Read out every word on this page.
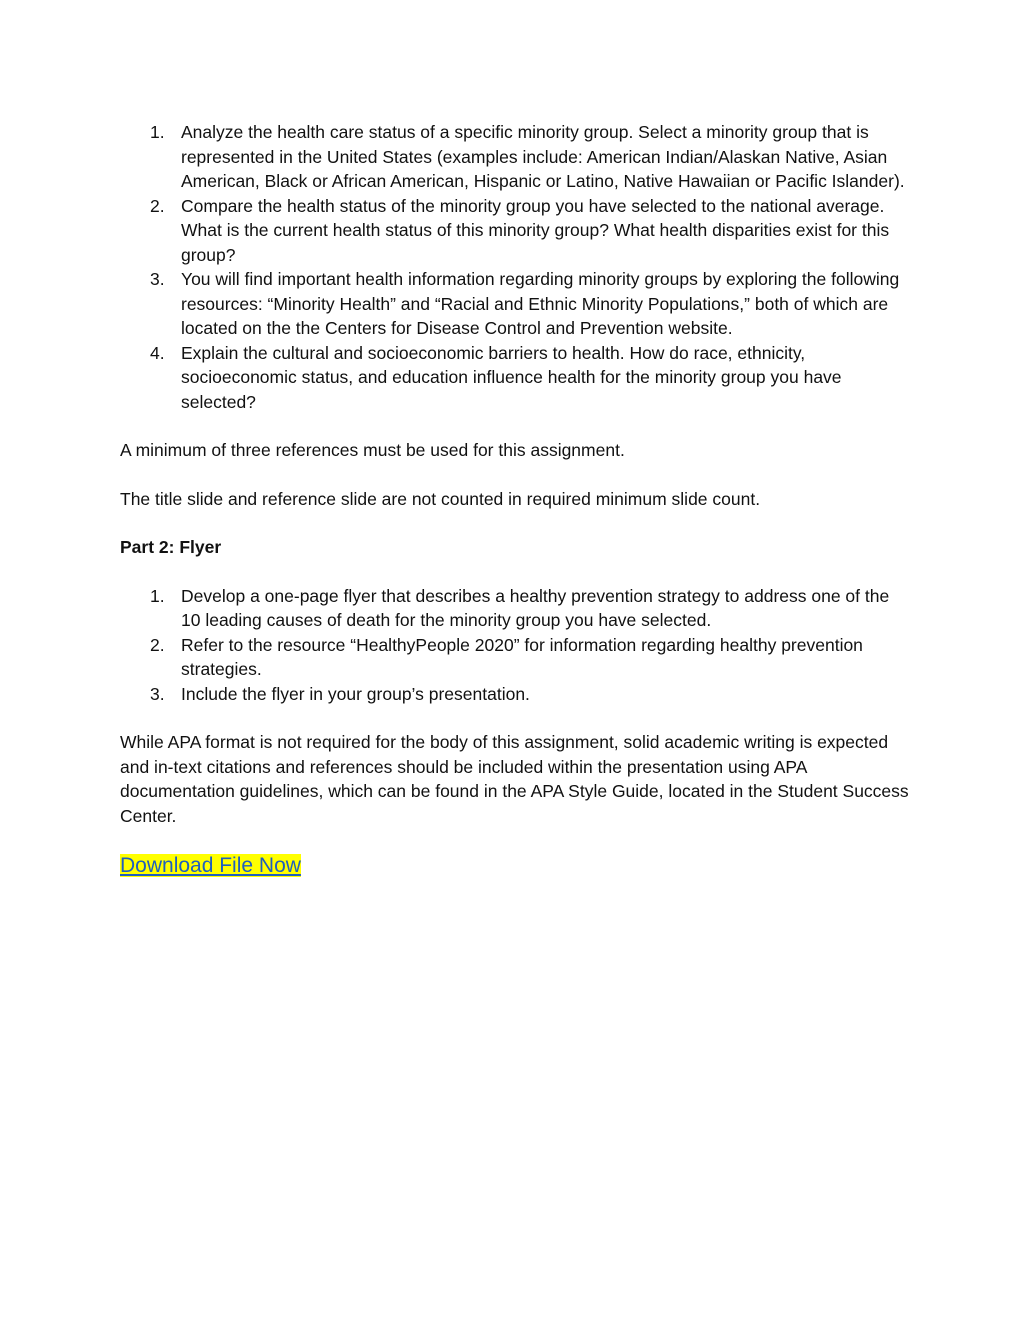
1. Analyze the health care status of a specific minority group. Select a minority group that is represented in the United States (examples include: American Indian/Alaskan Native, Asian American, Black or African American, Hispanic or Latino, Native Hawaiian or Pacific Islander).
2. Compare the health status of the minority group you have selected to the national average. What is the current health status of this minority group? What health disparities exist for this group?
3. You will find important health information regarding minority groups by exploring the following resources: “Minority Health” and “Racial and Ethnic Minority Populations,” both of which are located on the the Centers for Disease Control and Prevention website.
4. Explain the cultural and socioeconomic barriers to health. How do race, ethnicity, socioeconomic status, and education influence health for the minority group you have selected?

A minimum of three references must be used for this assignment.

The title slide and reference slide are not counted in required minimum slide count.

Part 2: Flyer

1. Develop a one-page flyer that describes a healthy prevention strategy to address one of the 10 leading causes of death for the minority group you have selected.
2. Refer to the resource “HealthyPeople 2020” for information regarding healthy prevention strategies.
3. Include the flyer in your group’s presentation.

While APA format is not required for the body of this assignment, solid academic writing is expected and in-text citations and references should be included within the presentation using APA documentation guidelines, which can be found in the APA Style Guide, located in the Student Success Center.

Download File Now
